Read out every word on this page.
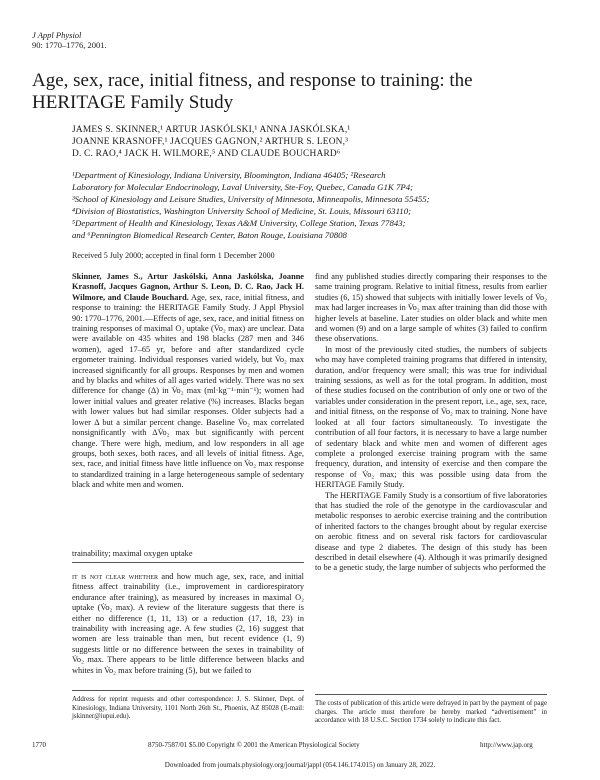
J Appl Physiol
90: 1770–1776, 2001.
Age, sex, race, initial fitness, and response to training: the HERITAGE Family Study
JAMES S. SKINNER,¹ ARTUR JASKÓLSKI,¹ ANNA JASKÓLSKA,¹
JOANNE KRASNOFF,¹ JACQUES GAGNON,² ARTHUR S. LEON,³
D. C. RAO,⁴ JACK H. WILMORE,⁵ AND CLAUDE BOUCHARD⁶
¹Department of Kinesiology, Indiana University, Bloomington, Indiana 46405; ²Research
Laboratory for Molecular Endocrinology, Laval University, Ste-Foy, Quebec, Canada G1K 7P4;
³School of Kinesiology and Leisure Studies, University of Minnesota, Minneapolis, Minnesota 55455;
⁴Division of Biostatistics, Washington University School of Medicine, St. Louis, Missouri 63110;
⁵Department of Health and Kinesiology, Texas A&M University, College Station, Texas 77843;
and ⁶Pennington Biomedical Research Center, Baton Rouge, Louisiana 70808
Received 5 July 2000; accepted in final form 1 December 2000

Skinner, James S., Artur Jaskólski, Anna Jaskólska, Joanne Krasnoff, Jacques Gagnon, Arthur S. Leon, D. C. Rao, Jack H. Wilmore, and Claude Bouchard. Age, sex, race, initial fitness, and response to training: the HERITAGE Family Study. J Appl Physiol 90: 1770–1776, 2001.—Effects of age, sex, race, and initial fitness on training responses of maximal O₂ uptake (V̇o₂ max) are unclear. Data were available on 435 whites and 198 blacks (287 men and 346 women), aged 17–65 yr, before and after standardized cycle ergometer training. Individual responses varied widely, but V̇o₂ max increased significantly for all groups. Responses by men and women and by blacks and whites of all ages varied widely. There was no sex difference for change (Δ) in V̇o₂ max (ml·kg⁻¹·min⁻¹); women had lower initial values and greater relative (%) increases. Blacks began with lower values but had similar responses. Older subjects had a lower Δ but a similar percent change. Baseline V̇o₂ max correlated nonsignificantly with ΔV̇o₂ max but significantly with percent change. There were high, medium, and low responders in all age groups, both sexes, both races, and all levels of initial fitness. Age, sex, race, and initial fitness have little influence on V̇o₂ max response to standardized training in a large heterogeneous sample of sedentary black and white men and women.

trainability; maximal oxygen uptake

it is not clear whether and how much age, sex, race, and initial fitness affect trainability (i.e., improvement in cardiorespiratory endurance after training), as measured by increases in maximal O₂ uptake (V̇o₂ max). A review of the literature suggests that there is either no difference (1, 11, 13) or a reduction (17, 18, 23) in trainability with increasing age. A few studies (2, 16) suggest that women are less trainable than men, but recent evidence (1, 9) suggests little or no difference between the sexes in trainability of V̇o₂ max. There appears to be little difference between blacks and whites in V̇o₂ max before training (5), but we failed to

find any published studies directly comparing their responses to the same training program. Relative to initial fitness, results from earlier studies (6, 15) showed that subjects with initially lower levels of V̇o₂ max had larger increases in V̇o₂ max after training than did those with higher levels at baseline. Later studies on older black and white men and women (9) and on a large sample of whites (3) failed to confirm these observations.

In most of the previously cited studies, the numbers of subjects who may have completed training programs that differed in intensity, duration, and/or frequency were small; this was true for individual training sessions, as well as for the total program. In addition, most of these studies focused on the contribution of only one or two of the variables under consideration in the present report, i.e., age, sex, race, and initial fitness, on the response of V̇o₂ max to training. None have looked at all four factors simultaneously. To investigate the contribution of all four factors, it is necessary to have a large number of sedentary black and white men and women of different ages complete a prolonged exercise training program with the same frequency, duration, and intensity of exercise and then compare the response of V̇o₂ max; this was possible using data from the HERITAGE Family Study.

The HERITAGE Family Study is a consortium of five laboratories that has studied the role of the genotype in the cardiovascular and metabolic responses to aerobic exercise training and the contribution of inherited factors to the changes brought about by regular exercise on aerobic fitness and on several risk factors for cardiovascular disease and type 2 diabetes. The design of this study has been described in detail elsewhere (4). Although it was primarily designed to be a genetic study, the large number of subjects who performed the

Address for reprint requests and other correspondence: J. S. Skinner, Dept. of Kinesiology, Indiana University, 1101 North 26th St., Phoenix, AZ 85028 (E-mail: jskinner@iupui.edu).
The costs of publication of this article were defrayed in part by the payment of page charges. The article must therefore be hereby marked “advertisement” in accordance with 18 U.S.C. Section 1734 solely to indicate this fact.
1770	8750-7587/01 $5.00 Copyright © 2001 the American Physiological Society	http://www.jap.org
Downloaded from journals.physiology.org/journal/jappl (054.146.174.015) on January 28, 2022.
